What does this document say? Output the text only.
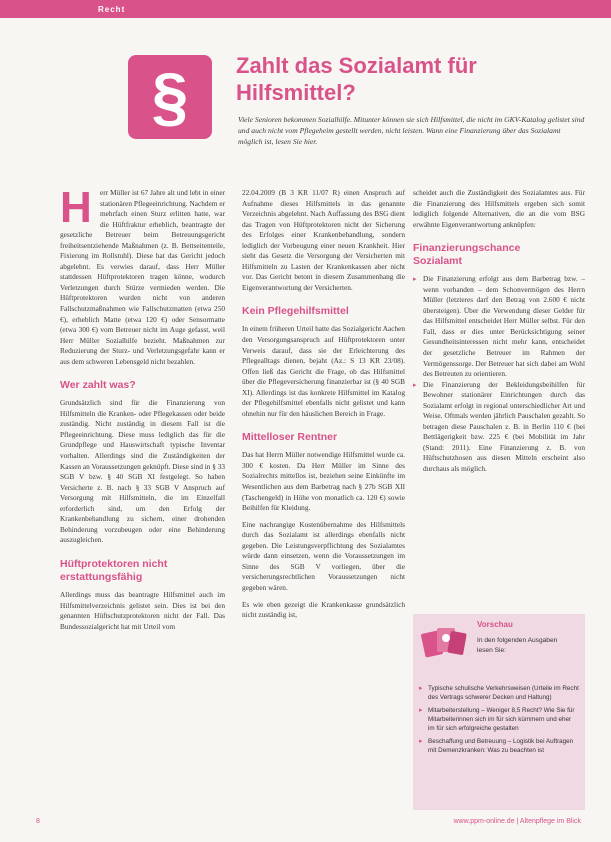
Recht
§ Zahlt das Sozialamt für
Hilfsmittel?
Viele Senioren bekommen Sozialhilfe. Mitunter können sie sich Hilfsmittel, die nicht im GKV-Katalog gelistet sind und auch nicht vom Pflegeheim gestellt werden, nicht leisten. Wann eine Finanzierung über das Sozialamt möglich ist, lesen Sie hier.

H	err Müller ist 67 Jahre alt und lebt in einer stationären Pflegeeinrichtung. Nachdem er mehrfach einen Sturz erlitten hatte, war die Hüftfraktur erheblich, beantragte der gesetzliche Betreuer beim Betreuungsgericht freiheitsentziehende Maßnahmen (z. B. Bettseitenteile, Fixierung im Rollstuhl). Diese hat das Gericht jedoch abgelehnt. Es verwies darauf, dass Herr Müller stattdessen Hüftprotektoren tragen könne, wodurch Verletzungen durch Stürze vermieden werden. Die Hüftprotektoren wurden nicht von anderen Fallschutzmaßnahmen wie Fallschutzmatten (etwa 250 €), erheblich Matte (etwa 120 €) oder Sensormatte (etwa 300 €) vom Betreuer nicht im Auge gefasst, weil Herr Müller Sozialhilfe bezieht. Maßnahmen zur Reduzierung der Sturz- und Verletzungsgefahr kann er aus dem schweren Lebensgeld nicht bezahlen.

Wer zahlt was?

Grundsätzlich sind für die Finanzierung von Hilfsmitteln die Kranken- oder Pflegekassen oder beide zuständig. Nicht zuständig in diesem Fall ist die Pflegeeinrichtung. Diese muss lediglich das für die Grundpflege und Hauswirtschaft typische Inventar vorhalten. Allerdings sind die Zuständigkeiten der Kassen an Voraussetzungen geknüpft. Diese sind in § 33 SGB V bzw. § 40 SGB XI festgelegt. So haben Versicherte z. B. nach § 33 SGB V Anspruch auf Versorgung mit Hilfsmitteln, die im Einzelfall erforderlich sind, um den Erfolg der Krankenbehandlung zu sichern, einer drohenden Behinderung vorzubeugen oder eine Behinderung auszugleichen.

Hüftprotektoren nicht
erstattungsfähig

Allerdings muss das beantragte Hilfsmittel auch im Hilfsmittelverzeichnis gelistet sein. Dies ist bei den genannten Hüftschutzprotektoren nicht der Fall. Das Bundessozialgericht hat mit Urteil vom

22.04.2009 (B 3 KR 11/07 R) einen Anspruch auf Aufnahme dieses Hilfsmittels in das genannte Verzeichnis abgelehnt. Nach Auffassung des BSG dient das Tragen von Hüftprotektoren nicht der Sicherung des Erfolges einer Krankenbehandlung, sondern lediglich der Vorbeugung einer neuen Krankheit. Hier sieht das Gesetz die Versorgung der Versicherten mit Hilfsmitteln zu Lasten der Krankenkassen aber nicht vor. Das Gericht betont in diesem Zusammenhang die Eigenverantwortung der Versicherten.

Kein Pflegehilfsmittel

In einem früheren Urteil hatte das Sozialgericht Aachen den Versorgungsanspruch auf Hüftprotektoren unter Verweis darauf, dass sie der Erleichterung des Pflegealltags dienen, bejaht (Az.: S 13 KR 23/08). Offen ließ das Gericht die Frage, ob das Hilfsmittel über die Pflegeversicherung finanzierbar ist (§ 40 SGB XI). Allerdings ist das konkrete Hilfsmittel im Katalog der Pflegehilfsmittel ebenfalls nicht gelistet und kann ohnehin nur für den häuslichen Bereich in Frage.

Mittelloser Rentner

Das hat Herrn Müller notwendige Hilfsmittel wurde ca. 300 € kosten. Da Herr Müller im Sinne des Sozialrechts mittellos ist, beziehen seine Einkünfte im Wesentlichen aus dem Barbetrag nach § 27b SGB XII (Taschengeld) in Höhe von monatlich ca. 120 €) sowie Beihilfen für Kleidung.

Eine nachrangige Kostenübernahme des Hilfsmittels durch das Sozialamt ist allerdings ebenfalls nicht gegeben. Die Leistungsverpflichtung des Sozialamtes würde dann einsetzen, wenn die Voraussetzungen im Sinne des SGB V vorliegen, über die versicherungsrechtlichen Voraussetzungen nicht gegeben wären.

Es wie eben gezeigt die Krankenkasse grundsätzlich nicht zuständig ist,

scheidet auch die Zuständigkeit des Sozialamtes aus. Für die Finanzierung des Hilfsmittels ergeben sich somit lediglich folgende Alternativen, die an die vom BSG erwähnte Eigenverantwortung anknüpfen:

Finanzierungschance
Sozialamt

▸ Die Finanzierung erfolgt aus dem Barbetrag bzw. – wenn vorhanden – dem Schonvermögen des Herrn Müller (letzteres darf den Betrag von 2.600 € nicht übersteigen). Über die Verwendung dieser Gelder für das Hilfsmittel entscheidet Herr Müller selbst. Für den Fall, dass er dies unter Berücksichtigung seiner Gesundheitsinteressen nicht mehr kann, entscheidet der gesetzliche Betreuer im Rahmen der Vermögenssorge. Der Betreuer hat sich dabei am Wohl des Betreuten zu orientieren.

▸ Die Finanzierung der Bekleidungsbeihilfen für Bewohner stationärer Einrichtungen durch das Sozialamt erfolgt in regional unterschiedlicher Art und Weise. Oftmals werden jährlich Pauschalen gezahlt. So betragen diese Pauschalen z. B. in Berlin 110 € (bei Bettlägerigkeit bzw. 225 € (bei Mobilität im Jahr (Stand: 2011). Eine Finanzierung z. B. von Hüftschutzhosen aus diesen Mitteln erscheint also durchaus als möglich.

Vorschau
In den folgenden Ausgaben lesen Sie:

▸ Typische schulische Verkehrsweisen (Urteile im Recht des Vertrags schwerer Decken und Haltung)

▸ Mitarbeiterstellung – Weniger 8,5 Recht? Wie Sie für Mitarbeiterinnen sich im für sich kümmern und eher im für sich erfolgreiche gestalten

▸ Beschaffung und Betreuung – Logistik bei Auftragen mit Demenzkranken: Was zu beachten ist

8	www.ppm-online.de | Altenpflege im Blick
